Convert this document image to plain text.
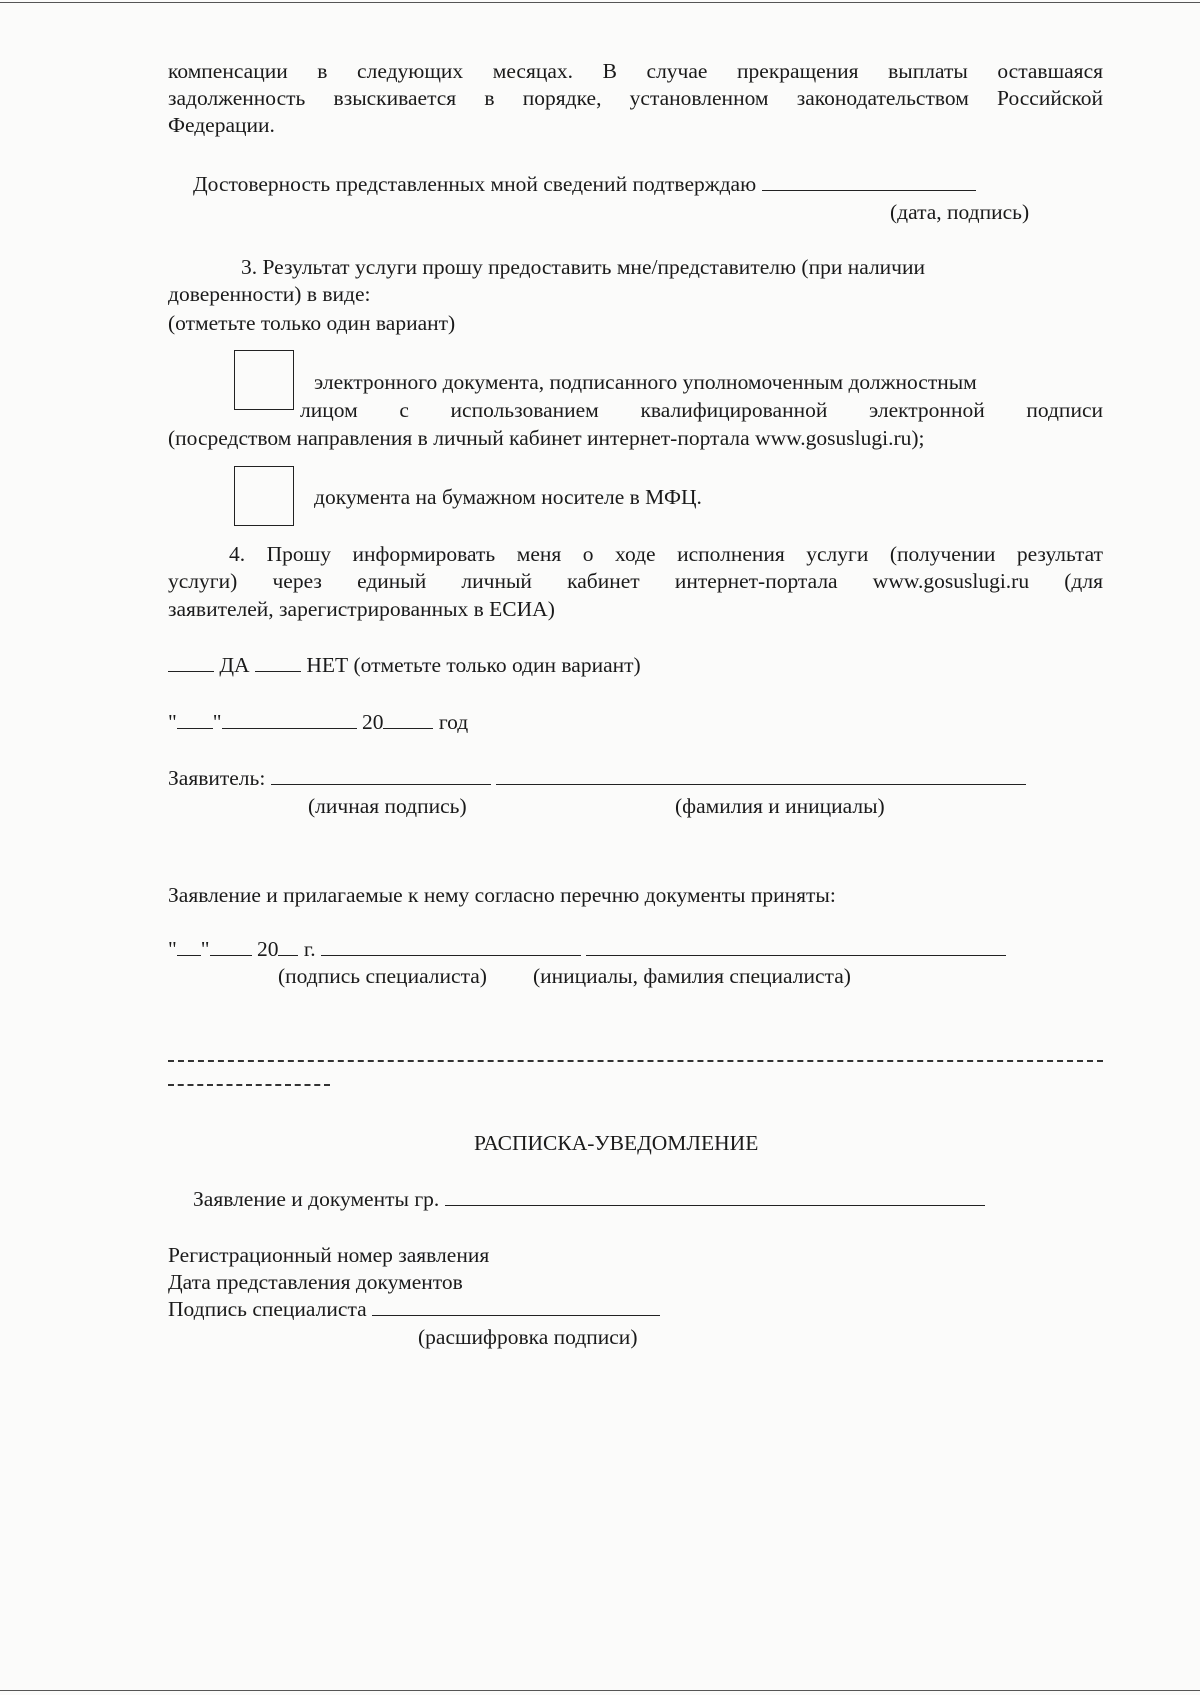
компенсации в следующих месяцах. В случае прекращения выплаты оставшаяся
задолженность взыскивается в порядке, установленном законодательством Российской
Федерации.
Достоверность представленных мной сведений подтверждаю
(дата, подпись)
3. Результат услуги прошу предоставить мне/представителю (при наличии
доверенности) в виде:
(отметьте только один вариант)
электронного документа, подписанного уполномоченным должностным
лицом с использованием квалифицированной электронной подписи
(посредством направления в личный кабинет интернет-портала www.gosuslugi.ru);
документа на бумажном носителе в МФЦ.
4. Прошу информировать меня о ходе исполнения услуги (получении результат
услуги) через единый личный кабинет интернет-портала www.gosuslugi.ru (для
заявителей, зарегистрированных в ЕСИА)
ДА	НЕТ (отметьте только один вариант)
" "	20	год
Заявитель:
(личная подпись)	(фамилия и инициалы)
Заявление и прилагаемые к нему согласно перечню документы приняты:
" " 20 г.
(подпись специалиста) (инициалы, фамилия специалиста)
РАСПИСКА-УВЕДОМЛЕНИЕ
Заявление и документы гр.
Регистрационный номер заявления
Дата представления документов
Подпись специалиста
(расшифровка подписи)
